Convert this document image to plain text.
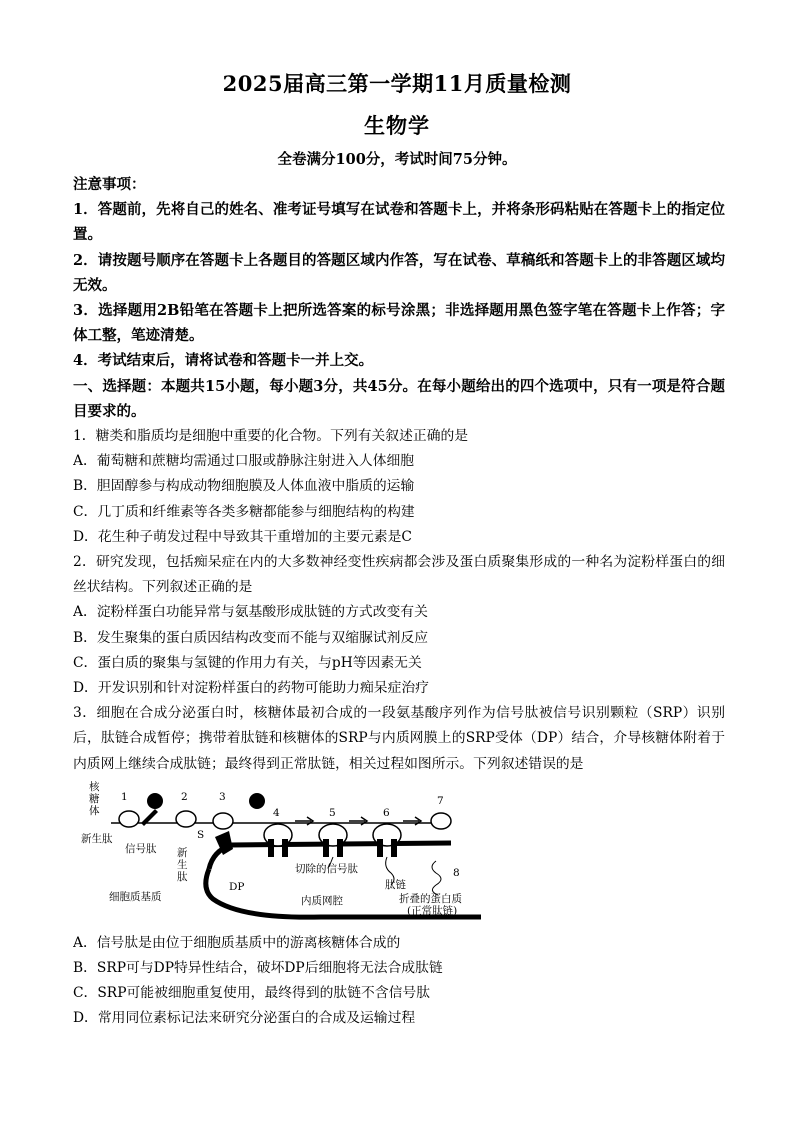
2025届高三第一学期11月质量检测
生物学
全卷满分100分，考试时间75分钟。
注意事项：
1．答题前，先将自己的姓名、准考证号填写在试卷和答题卡上，并将条形码粘贴在答题卡上的指定位置。
2．请按题号顺序在答题卡上各题目的答题区域内作答，写在试卷、草稿纸和答题卡上的非答题区域均无效。
3．选择题用2B铅笔在答题卡上把所选答案的标号涂黑；非选择题用黑色签字笔在答题卡上作答；字体工整，笔迹清楚。
4．考试结束后，请将试卷和答题卡一并上交。
一、选择题：本题共15小题，每小题3分，共45分。在每小题给出的四个选项中，只有一项是符合题目要求的。
1．糖类和脂质均是细胞中重要的化合物。下列有关叙述正确的是
A．葡萄糖和蔗糖均需通过口服或静脉注射进入人体细胞
B．胆固醇参与构成动物细胞膜及人体血液中脂质的运输
C．几丁质和纤维素等各类多糖都能参与细胞结构的构建
D．花生种子萌发过程中导致其干重增加的主要元素是C
2．研究发现，包括痴呆症在内的大多数神经变性疾病都会涉及蛋白质聚集形成的一种名为淀粉样蛋白的细丝状结构。下列叙述正确的是
A．淀粉样蛋白功能异常与氨基酸形成肽链的方式改变有关
B．发生聚集的蛋白质因结构改变而不能与双缩脲试剂反应
C．蛋白质的聚集与氢键的作用力有关，与pH等因素无关
D．开发识别和针对淀粉样蛋白的药物可能助力痴呆症治疗
3．细胞在合成分泌蛋白时，核糖体最初合成的一段氨基酸序列作为信号肽被信号识别颗粒（SRP）识别后，肽链合成暂停；携带着肽链和核糖体的SRP与内质网膜上的SRP受体（DP）结合，介导核糖体附着于内质网上继续合成肽链；最终得到正常肽链，相关过程如图所示。下列叙述错误的是
核
糖
体
新生肽
信号肽 新
生
肽
DP
细胞质基质	内质网腔
切除的信号肽
肽链
折叠的蛋白质
(正常肽链)
1	2	3
4	5	6
7
8
S
A．信号肽是由位于细胞质基质中的游离核糖体合成的
B．SRP可与DP特异性结合，破坏DP后细胞将无法合成肽链
C．SRP可能被细胞重复使用，最终得到的肽链不含信号肽
D．常用同位素标记法来研究分泌蛋白的合成及运输过程
